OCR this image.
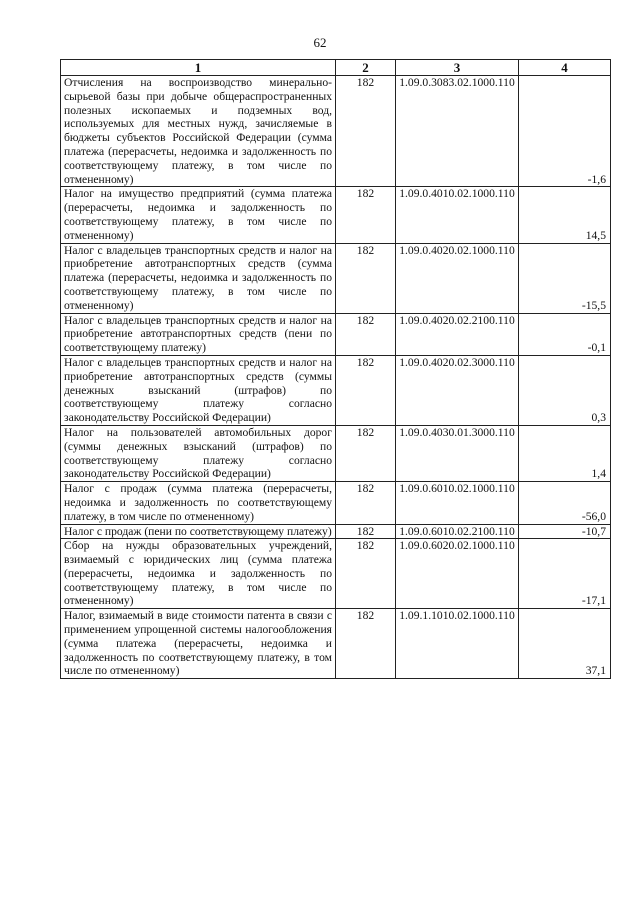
62
1	2	3	4
Отчисления на воспроизводство минерально-сырьевой базы при добыче общераспространенных полезных ископаемых и подземных вод, используемых для местных нужд, зачисляемые в бюджеты субъектов Российской Федерации (сумма платежа (перерасчеты, недоимка и задолженность по соответствующему платежу, в том числе по отмененному)	182	1.09.0.3083.02.1000.110	-1,6
Налог на имущество предприятий (сумма платежа (перерасчеты, недоимка и задолженность по соответствующему платежу, в том числе по отмененному)	182	1.09.0.4010.02.1000.110	14,5
Налог с владельцев транспортных средств и налог на приобретение автотранспортных средств (сумма платежа (перерасчеты, недоимка и задолженность по соответствующему платежу, в том числе по отмененному)	182	1.09.0.4020.02.1000.110	-15,5
Налог с владельцев транспортных средств и налог на приобретение автотранспортных средств (пени по соответствующему платежу)	182	1.09.0.4020.02.2100.110	-0,1
Налог с владельцев транспортных средств и налог на приобретение автотранспортных средств (суммы денежных взысканий (штрафов) по соответствующему платежу согласно законодательству Российской Федерации)	182	1.09.0.4020.02.3000.110	0,3
Налог на пользователей автомобильных дорог (суммы денежных взысканий (штрафов) по соответствующему платежу согласно законодательству Российской Федерации)	182	1.09.0.4030.01.3000.110	1,4
Налог с продаж (сумма платежа (перерасчеты, недоимка и задолженность по соответствующему платежу, в том числе по отмененному)	182	1.09.0.6010.02.1000.110	-56,0
Налог с продаж (пени по соответствующему платежу)	182	1.09.0.6010.02.2100.110	-10,7
Сбор на нужды образовательных учреждений, взимаемый с юридических лиц (сумма платежа (перерасчеты, недоимка и задолженность по соответствующему платежу, в том числе по отмененному)	182	1.09.0.6020.02.1000.110	-17,1
Налог, взимаемый в виде стоимости патента в связи с применением упрощенной системы налогообложения (сумма платежа (перерасчеты, недоимка и задолженность по соответствующему платежу, в том числе по отмененному)	182	1.09.1.1010.02.1000.110	37,1
